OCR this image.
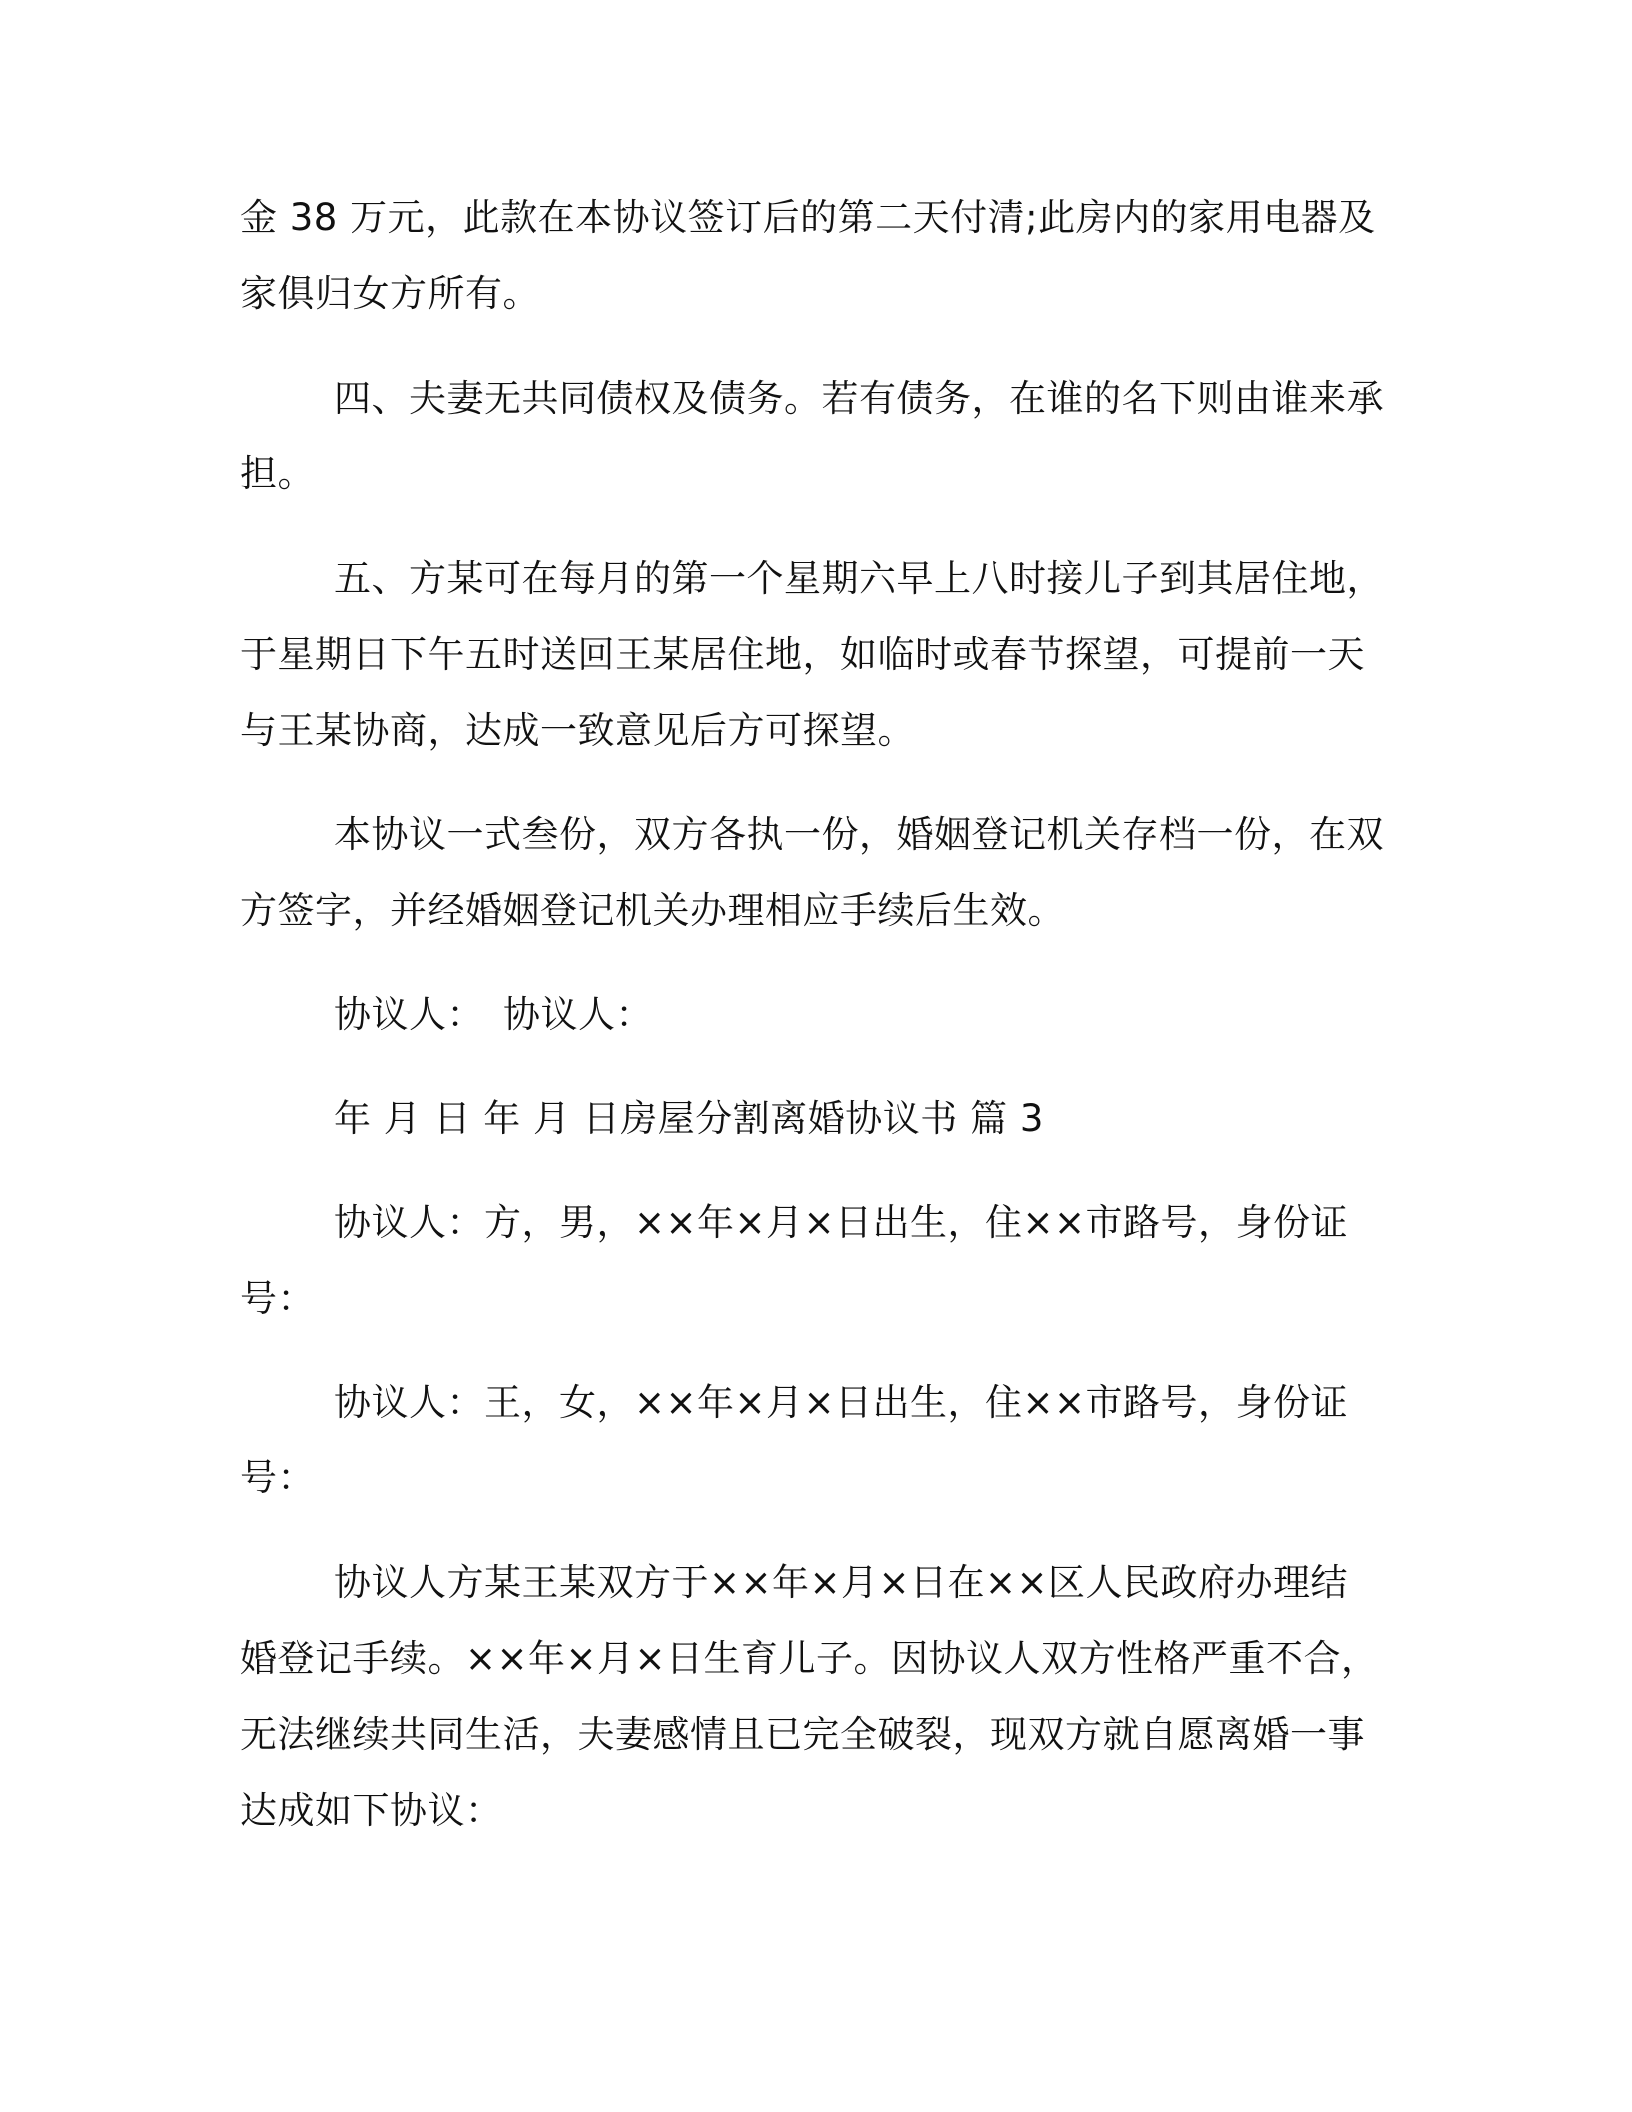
金 38 万元，此款在本协议签订后的第二天付清;此房内的家用电器及

家俱归女方所有。

四、夫妻无共同债权及债务。若有债务，在谁的名下则由谁来承

担。

五、方某可在每月的第一个星期六早上八时接儿子到其居住地，

于星期日下午五时送回王某居住地，如临时或春节探望，可提前一天

与王某协商，达成一致意见后方可探望。

本协议一式叁份，双方各执一份，婚姻登记机关存档一份，在双

方签字，并经婚姻登记机关办理相应手续后生效。

协议人：　协议人：

年 月 日 年 月 日房屋分割离婚协议书 篇 3

协议人：方，男，××年×月×日出生，住××市路号，身份证

号：

协议人：王，女，××年×月×日出生，住××市路号，身份证

号：

协议人方某王某双方于××年×月×日在××区人民政府办理结

婚登记手续。××年×月×日生育儿子。因协议人双方性格严重不合，

无法继续共同生活，夫妻感情且已完全破裂，现双方就自愿离婚一事

达成如下协议：
